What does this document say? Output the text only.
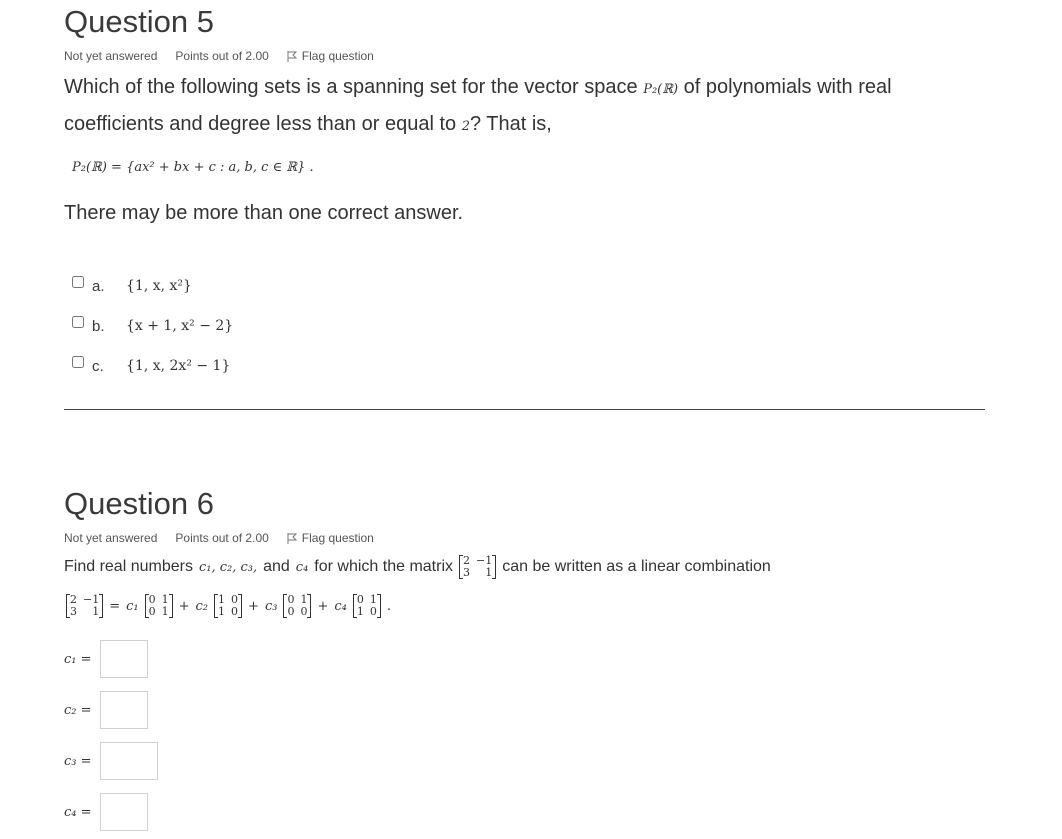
Question 5
Not yet answered Points out of 2.00	Flag question
Which of the following sets is a spanning set for the vector space P₂(ℝ) of polynomials with real
coefficients and degree less than or equal to 2? That is,
P₂(ℝ) = {ax² + bx + c : a, b, c ∈ ℝ} .
There may be more than one correct answer.
a.	{1, x, x²}
b.	{x + 1, x² − 2}
c.	{1, x, 2x² − 1}
Question 6
Not yet answered Points out of 2.00	Flag question
Find real numbers c₁, c₂, c₃, and c₄ for which the matrix 2	−1
3	1 can be written as a linear combination
2	−1
3	1 = c₁ 0	1
0	1 + c₂ 1	0
1	0 + c₃ 0	1
0	0 + c₄ 0	1
1	0 .
c₁ =
c₂ =
c₃ =
c₄ =
